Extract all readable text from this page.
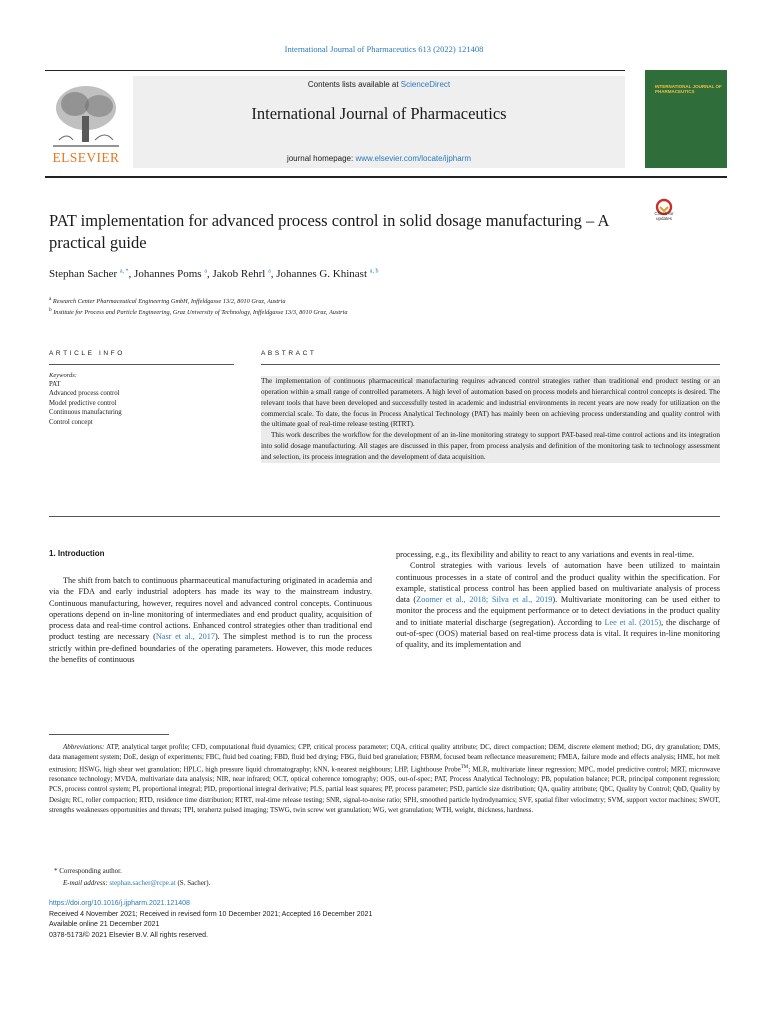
International Journal of Pharmaceutics 613 (2022) 121408
ELSEVIER
Contents lists available at ScienceDirect
International Journal of Pharmaceutics
journal homepage: www.elsevier.com/locate/ijpharm
INTERNATIONAL JOURNAL OF PHARMACEUTICS
PAT implementation for advanced process control in solid dosage manufacturing – A practical guide
Check for updates
Stephan Sacher $^{a, *}$, Johannes Poms $^a$, Jakob Rehrl $^a$, Johannes G. Khinast $^{a, b}$
$^a$ Research Center Pharmaceutical Engineering GmbH, Inffeldgasse 13/2, 8010 Graz, Austria
$^b$ Institute for Process and Particle Engineering, Graz University of Technology, Inffeldgasse 13/3, 8010 Graz, Austria
ARTICLE INFO	ABSTRACT
Keywords:
PAT
Advanced process control
Model predictive control
Continuous manufacturing
Control concept

The implementation of continuous pharmaceutical manufacturing requires advanced control strategies rather than traditional end product testing or an operation within a small range of controlled parameters. A high level of automation based on process models and hierarchical control concepts is desired. The relevant tools that have been developed and successfully tested in academic and industrial environments in recent years are now ready for utilization on the commercial scale. To date, the focus in Process Analytical Technology (PAT) has mainly been on achieving process understanding and quality control with the ultimate goal of real-time release testing (RTRT).

This work describes the workflow for the development of an in-line monitoring strategy to support PAT-based real-time control actions and its integration into solid dosage manufacturing. All stages are discussed in this paper, from process analysis and definition of the monitoring task to technology assessment and selection, its process integration and the development of data acquisition.

1. Introduction

The shift from batch to continuous pharmaceutical manufacturing originated in academia and via the FDA and early industrial adopters has made its way to the mainstream industry. Continuous manufacturing, however, requires novel and advanced control concepts. Continuous operations depend on in-line monitoring of intermediates and end product quality, acquisition of process data and real-time control actions. Enhanced control strategies other than traditional end product testing are necessary (Nasr et al., 2017). The simplest method is to run the process strictly within pre-defined boundaries of the operating parameters. However, this mode reduces the benefits of continuous

processing, e.g., its flexibility and ability to react to any variations and events in real-time.

Control strategies with various levels of automation have been utilized to maintain continuous processes in a state of control and the product quality within the specification. For example, statistical process control has been applied based on multivariate analysis of process data (Zoomer et al., 2018; Silva et al., 2019). Multivariate monitoring can be used either to monitor the process and the equipment performance or to detect deviations in the product quality and to initiate material discharge (segregation). According to Lee et al. (2015), the discharge of out-of-spec (OOS) material based on real-time process data is vital. It requires in-line monitoring of quality, and its implementation and

Abbreviations: ATP, analytical target profile; CFD, computational fluid dynamics; CPP, critical process parameter; CQA, critical quality attribute; DC, direct compaction; DEM, discrete element method; DG, dry granulation; DMS, data management system; DoE, design of experiments; FBC, fluid bed coating; FBD, fluid bed drying; FBG, fluid bed granulation; FBRM, focused beam reflectance measurement; FMEA, failure mode and effects analysis; HME, hot melt extrusion; HSWG, high shear wet granulation; HPLC, high pressure liquid chromatography; kNN, k-nearest neighbours; LHP, Lighthouse Probe™; MLR, multivariate linear regression; MPC, model predictive control; MRT, microwave resonance technology; MVDA, multivariate data analysis; NIR, near infrared; OCT, optical coherence tomography; OOS, out-of-spec; PAT, Process Analytical Technology; PB, population balance; PCR, principal component regression; PCS, process control system; PI, proportional integral; PID, proportional integral derivative; PLS, partial least squares; PP, process parameter; PSD, particle size distribution; QA, quality attribute; QbC, Quality by Control; QbD, Quality by Design; RC, roller compaction; RTD, residence time distribution; RTRT, real-time release testing; SNR, signal-to-noise ratio; SPH, smoothed particle hydrodynamics; SVF, spatial filter velocimetry; SVM, support vector machines; SWOT, strengths weaknesses opportunities and threats; TPI, terahertz pulsed imaging; TSWG, twin screw wet granulation; WG, wet granulation; WTH, weight, thickness, hardness.
* Corresponding author.
E-mail address: stephan.sacher@rcpe.at (S. Sacher).
https://doi.org/10.1016/j.ijpharm.2021.121408
Received 4 November 2021; Received in revised form 10 December 2021; Accepted 16 December 2021
Available online 21 December 2021
0378-5173/© 2021 Elsevier B.V. All rights reserved.
